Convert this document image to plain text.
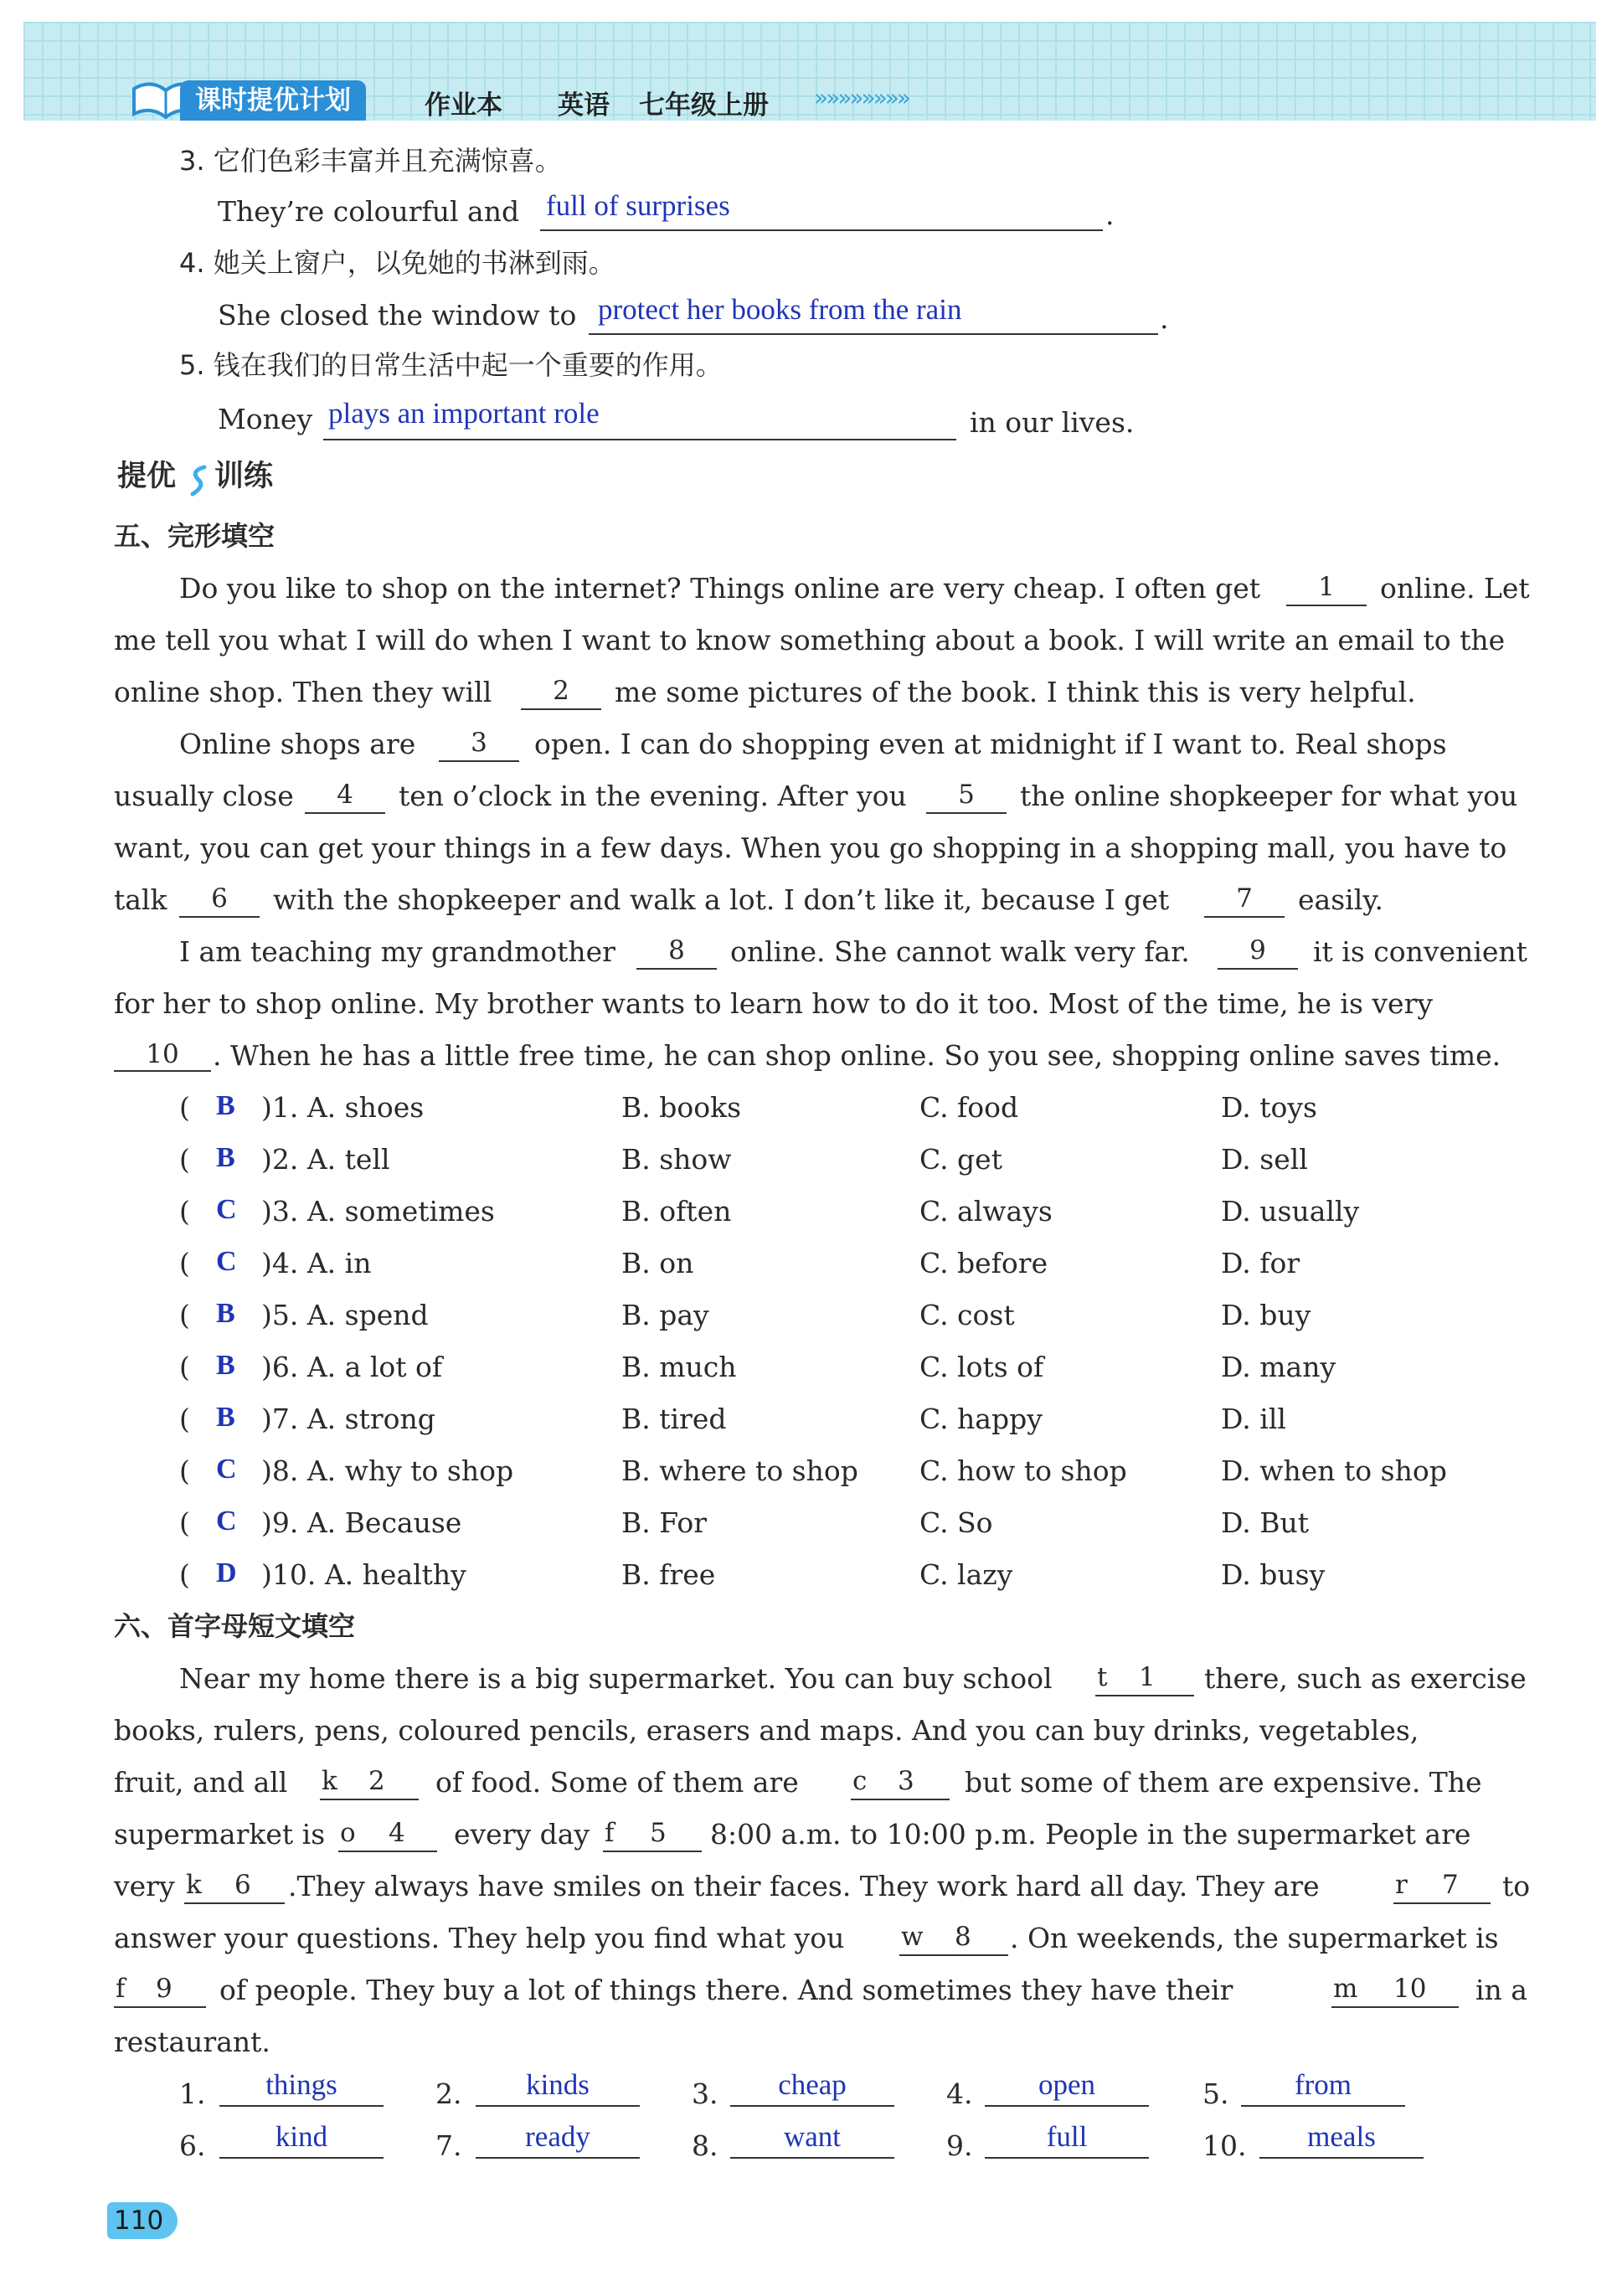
课时提优计划	作业本 英语 七年级上册 »»»»»»»»
3. 它们色彩丰富并且充满惊喜。
They’re colourful and full of surprises	.
4. 她关上窗户，以免她的书淋到雨。
She closed the window to protect her books from the rain	.
5. 钱在我们的日常生活中起一个重要的作用。
Money plays an important role	in our lives.
提优 训练
五、完形填空
Do you like to shop on the internet? Things online are very cheap. I often get	1	online. Let
me tell you what I will do when I want to know something about a book. I will write an email to the
online shop. Then they will	2	me some pictures of the book. I think this is very helpful.
Online shops are	3	open. I can do shopping even at midnight if I want to. Real shops
usually close	4	ten o’clock in the evening. After you	5	the online shopkeeper for what you
want, you can get your things in a few days. When you go shopping in a shopping mall, you have to
talk	6	with the shopkeeper and walk a lot. I don’t like it, because I get	7	easily.
I am teaching my grandmother	8	online. She cannot walk very far.	9	it is convenient
for her to shop online. My brother wants to learn how to do it too. Most of the time, he is very
10	. When he has a little free time, he can shop online. So you see, shopping online saves time.
( B )1. A. shoes	B. books	C. food	D. toys
( B )2. A. tell	B. show	C. get	D. sell
( C )3. A. sometimes	B. often	C. always	D. usually
( C )4. A. in	B. on	C. before	D. for
( B )5. A. spend	B. pay	C. cost	D. buy
( B )6. A. a lot of	B. much	C. lots of	D. many
( B )7. A. strong	B. tired	C. happy	D. ill
( C )8. A. why to shop	B. where to shop C. how to shop	D. when to shop
( C )9. A. Because	B. For	C. So	D. But
( D )10. A. healthy	B. free	C. lazy	D. busy
六、首字母短文填空
Near my home there is a big supermarket. You can buy school t 1 there, such as exercise
books, rulers, pens, coloured pencils, erasers and maps. And you can buy drinks, vegetables,
fruit, and all k 2 of food. Some of them are c 3 but some of them are expensive. The
supermarket is o 4 every day f 5 8:00 a.m. to 10:00 p.m. People in the supermarket are
very k 6 .They always have smiles on their faces. They work hard all day. They are	r 7 to
answer your questions. They help you find what you w 8 . On weekends, the supermarket is
f 9 of people. They buy a lot of things there. And sometimes they have their	m 10 in a
restaurant.
1.	things	2.	kinds	3.	cheap	4.	open	5.	from
6.	kind	7.	ready	8.	want	9.	full	10.	meals
110
